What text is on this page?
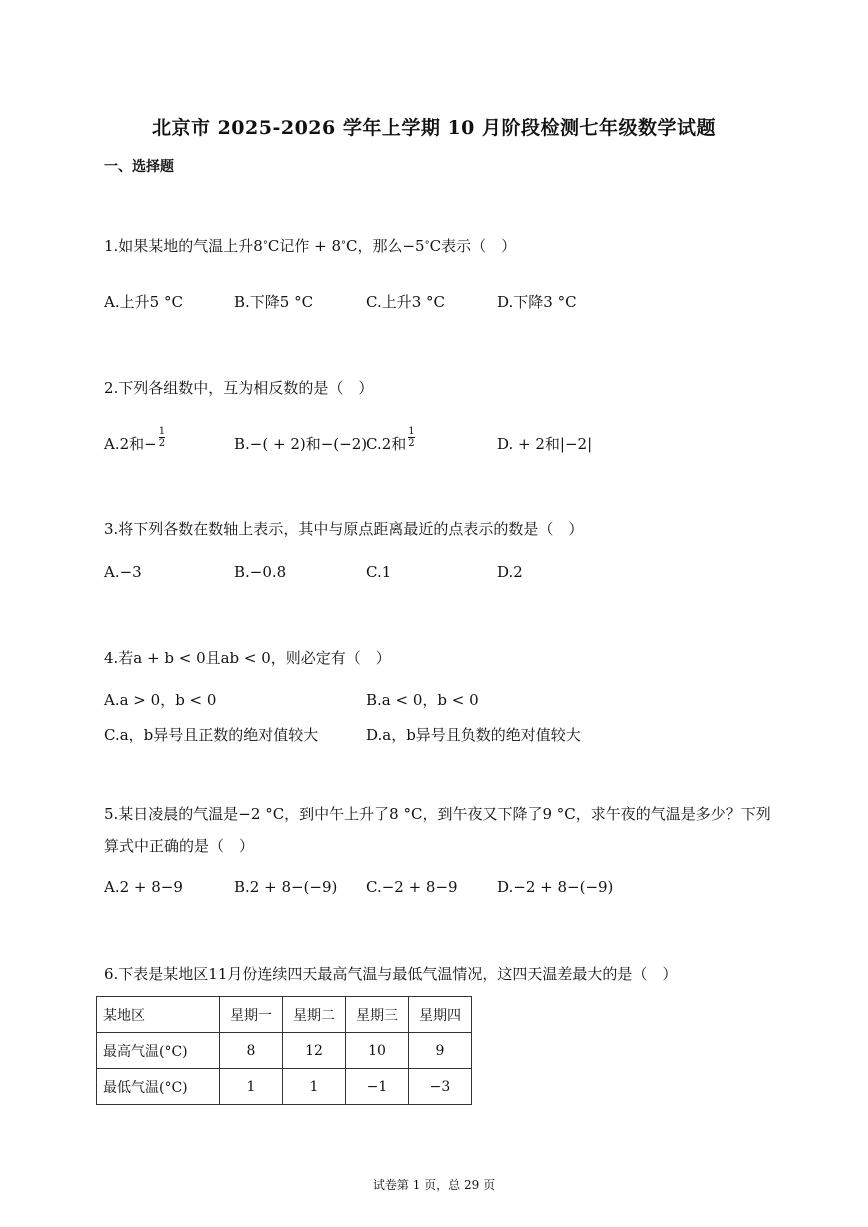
北京市 2025-2026 学年上学期 10 月阶段检测七年级数学试题
一、选择题
1.如果某地的气温上升8°C记作 + 8°C，那么−5°C表示（　）
A.上升5 °C	B.下降5 °C	C.上升3 °C	D.下降3 °C
2.下列各组数中，互为相反数的是（　）
A.2和− $\frac{1}{2}$	B.−( + 2)和−(−2)
C.2和 $\frac{1}{2}$	D. + 2和|−2|
3.将下列各数在数轴上表示，其中与原点距离最近的点表示的数是（　）
A.−3	B.−0.8	C.1	D.2
4.若a + b < 0且ab < 0，则必定有（　）
A.a > 0，b < 0	B.a < 0，b < 0
C.a，b异号且正数的绝对值较大	D.a，b异号且负数的绝对值较大
5.某日凌晨的气温是−2 °C，到中午上升了8 °C，到午夜又下降了9 °C，求午夜的气温是多少？下列
算式中正确的是（　）
A.2 + 8−9	B.2 + 8−(−9) C.−2 + 8−9	D.−2 + 8−(−9)
6.下表是某地区11月份连续四天最高气温与最低气温情况，这四天温差最大的是（　）
某地区	星期一	星期二	星期三	星期四
最高气温(°C)	8	12	10	9
最低气温(°C)	1	1	−1	−3
试卷第 1 页，总 29 页
